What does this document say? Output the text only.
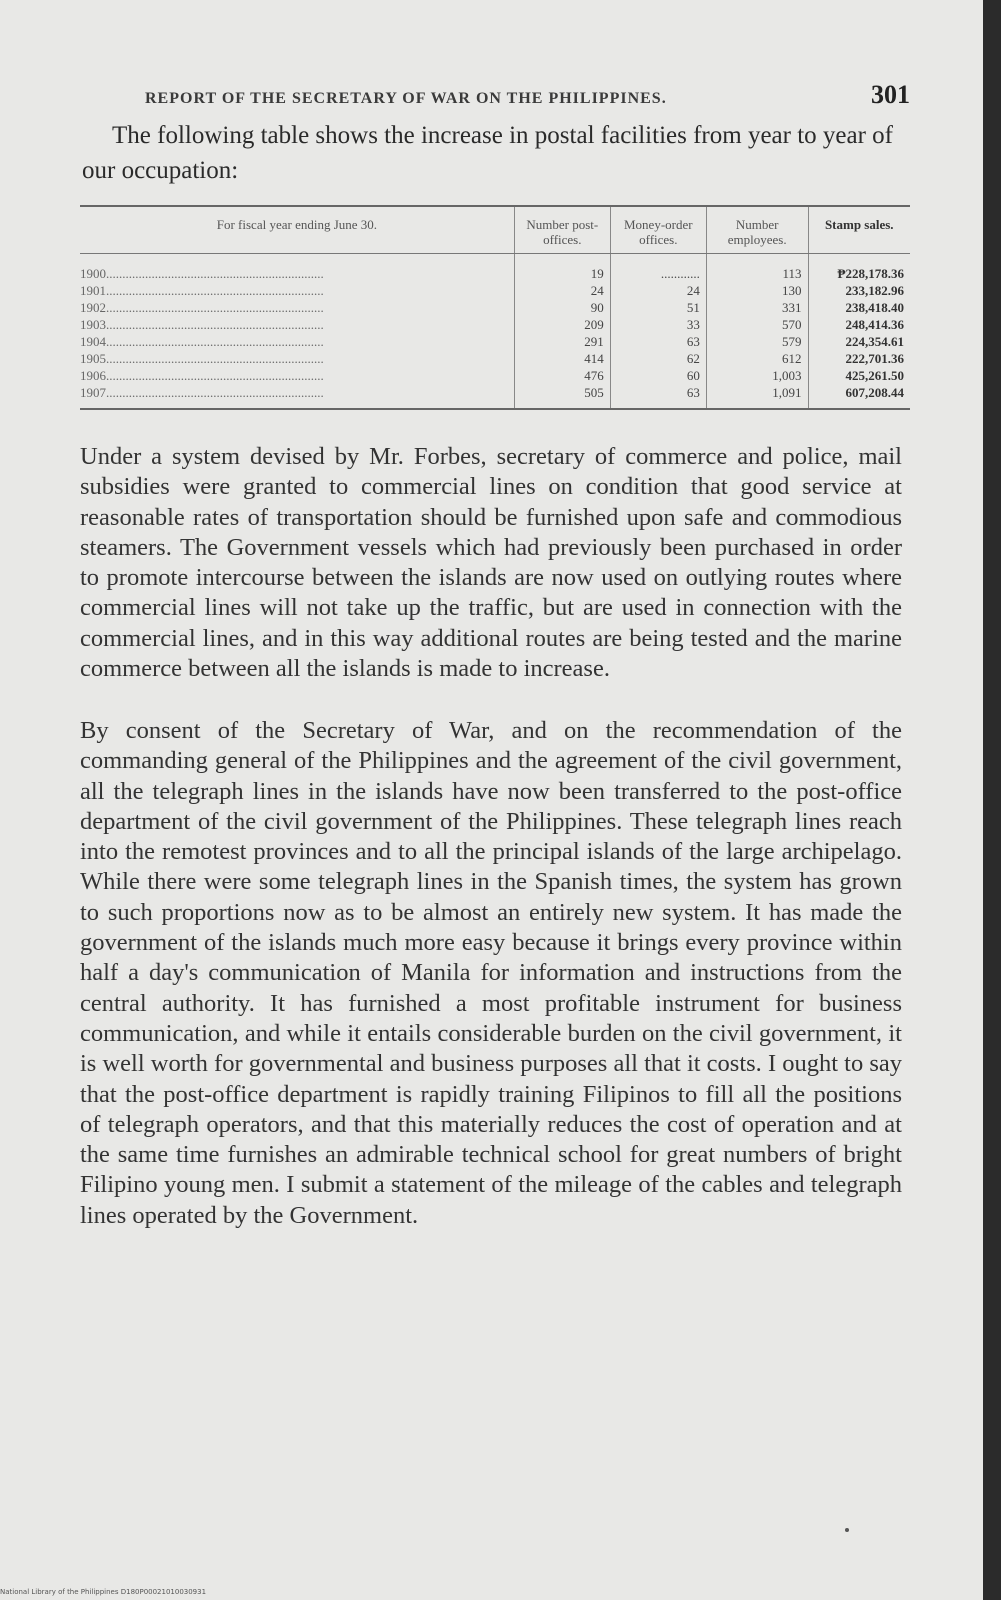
REPORT OF THE SECRETARY OF WAR ON THE PHILIPPINES.	301

The following table shows the increase in postal facilities from year to year of our occupation:

For fiscal year ending June 30.	Number post-offices.	Money-order offices.	Number employees.	Stamp sales.
1900...................................................................	19	............	113	₱228,178.36
1901...................................................................	24	24	130	233,182.96
1902...................................................................	90	51	331	238,418.40
1903...................................................................	209	33	570	248,414.36
1904...................................................................	291	63	579	224,354.61
1905...................................................................	414	62	612	222,701.36
1906...................................................................	476	60	1,003	425,261.50
1907...................................................................	505	63	1,091	607,208.44

Under a system devised by Mr. Forbes, secretary of commerce and police, mail subsidies were granted to commercial lines on condition that good service at reasonable rates of transportation should be furnished upon safe and commodious steamers. The Government vessels which had previously been purchased in order to promote intercourse between the islands are now used on outlying routes where commercial lines will not take up the traffic, but are used in connection with the commercial lines, and in this way additional routes are being tested and the marine commerce between all the islands is made to increase.

By consent of the Secretary of War, and on the recommendation of the commanding general of the Philippines and the agreement of the civil government, all the telegraph lines in the islands have now been transferred to the post-office department of the civil government of the Philippines. These telegraph lines reach into the remotest provinces and to all the principal islands of the large archipelago. While there were some telegraph lines in the Spanish times, the system has grown to such proportions now as to be almost an entirely new system. It has made the government of the islands much more easy because it brings every province within half a day's communication of Manila for information and instructions from the central authority. It has furnished a most profitable instrument for business communication, and while it entails considerable burden on the civil government, it is well worth for governmental and business purposes all that it costs. I ought to say that the post-office department is rapidly training Filipinos to fill all the positions of telegraph operators, and that this materially reduces the cost of operation and at the same time furnishes an admirable technical school for great numbers of bright Filipino young men. I submit a statement of the mileage of the cables and telegraph lines operated by the Government.

National Library of the Philippines D180P00021010030931
